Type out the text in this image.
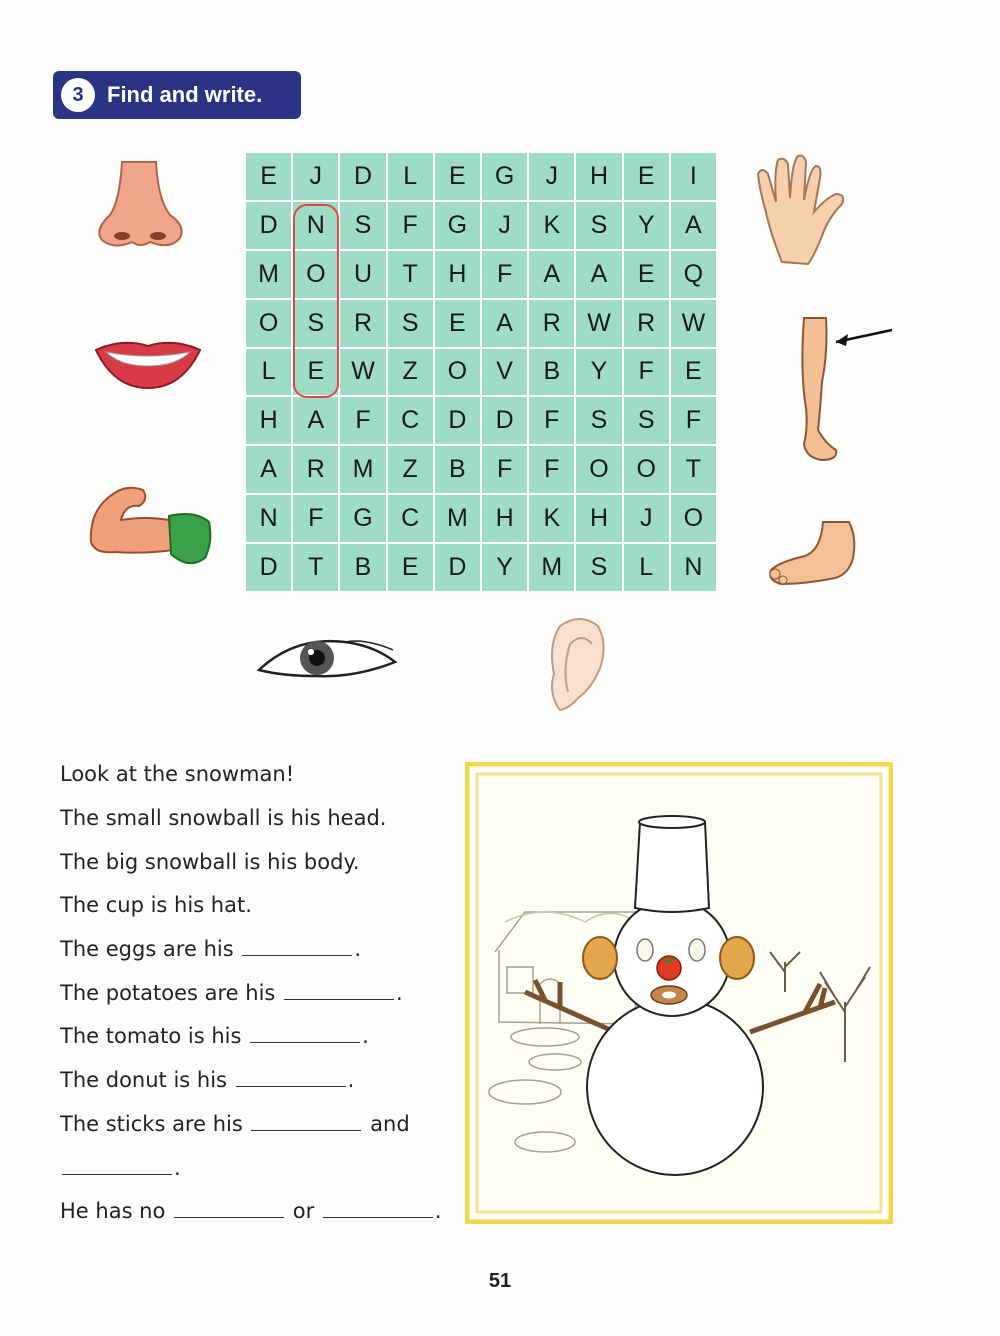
3	Find and write.
E	J	D	L	E	G	J	H	E	I
D	N	S	F	G	J	K	S	Y	A
M	O	U	T	H	F	A	A	E	Q
O	S	R	S	E	A	R	W	R	W
L	E	W	Z	O	V	B	Y	F	E
H	A	F	C	D	D	F	S	S	F
A	R	M	Z	B	F	F	O	O	T
N	F	G	C	M	H	K	H	J	O
D	T	B	E	D	Y	M	S	L	N
Look at the snowman!
The small snowball is his head.
The big snowball is his body.
The cup is his hat.
The eggs are his	.
The potatoes are his	.
The tomato is his	.
The donut is his	.
The sticks are his	and
.
He has no	or	.
51
